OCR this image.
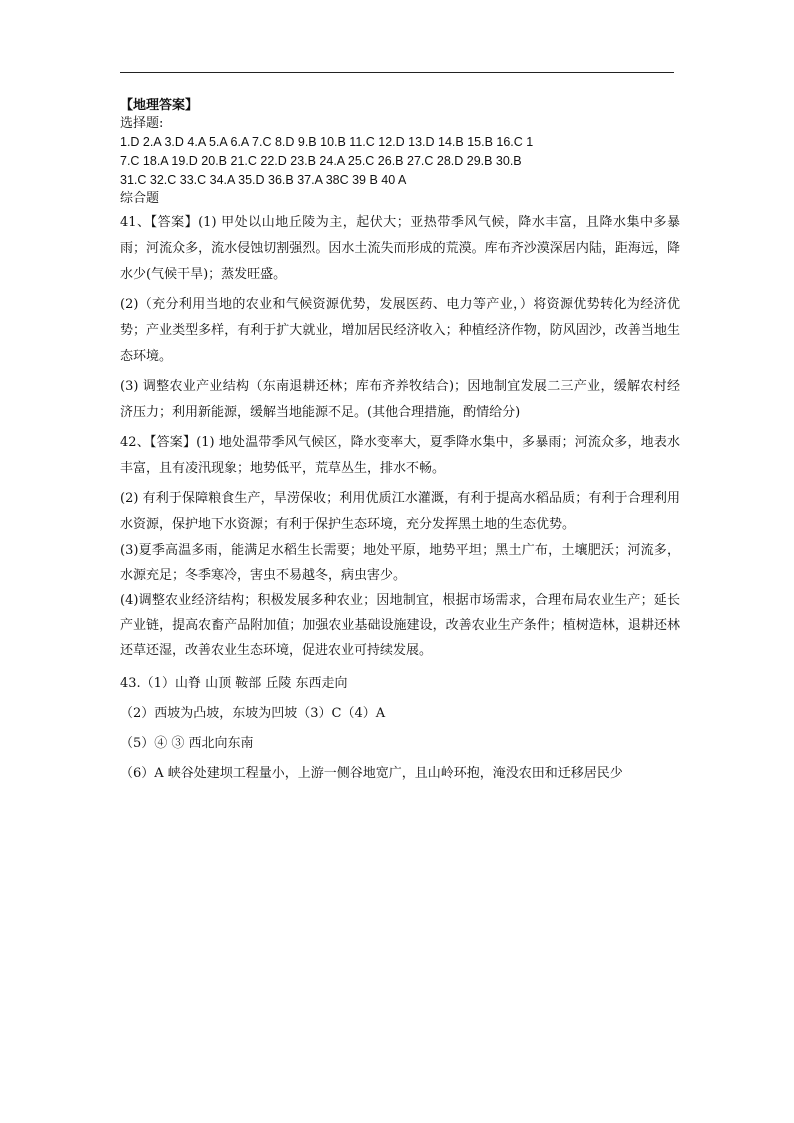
【地理答案】

选择题:

1.D 2.A 3.D 4.A 5.A 6.A 7.C 8.D 9.B 10.B 11.C 12.D 13.D 14.B 15.B 16.C 1

7.C 18.A 19.D 20.B 21.C 22.D 23.B 24.A 25.C 26.B 27.C 28.D 29.B 30.B

31.C 32.C 33.C 34.A 35.D 36.B 37.A 38C 39 B 40 A

综合题

41、【答案】(1) 甲处以山地丘陵为主，起伏大；亚热带季风气候，降水丰富，且降水集中多暴雨；河流众多，流水侵蚀切割强烈。因水土流失而形成的荒漠。库布齐沙漠深居内陆，距海远，降水少(气候干旱)；蒸发旺盛。

(2)（充分利用当地的农业和气候资源优势，发展医药、电力等产业，）将资源优势转化为经济优势；产业类型多样，有利于扩大就业，增加居民经济收入；种植经济作物，防风固沙，改善当地生态环境。

(3) 调整农业产业结构（东南退耕还林；库布齐养牧结合)；因地制宜发展二三产业，缓解农村经济压力；利用新能源，缓解当地能源不足。(其他合理措施，酌情给分)

42、【答案】(1) 地处温带季风气候区，降水变率大，夏季降水集中，多暴雨；河流众多，地表水丰富，且有凌汛现象；地势低平，荒草丛生，排水不畅。

(2) 有利于保障粮食生产，旱涝保收；利用优质江水灌溉，有利于提高水稻品质；有利于合理利用水资源，保护地下水资源；有利于保护生态环境，充分发挥黑土地的生态优势。

(3)夏季高温多雨，能满足水稻生长需要；地处平原，地势平坦；黑土广布，土壤肥沃；河流多，水源充足；冬季寒冷，害虫不易越冬，病虫害少。

(4)调整农业经济结构；积极发展多种农业；因地制宜，根据市场需求，合理布局农业生产；延长产业链，提高农畜产品附加值；加强农业基础设施建设，改善农业生产条件；植树造林，退耕还林还草还湿，改善农业生态环境，促进农业可持续发展。

43.（1）山脊 山顶 鞍部 丘陵 东西走向

（2）西坡为凸坡，东坡为凹坡（3）C（4）A

（5）④ ③ 西北向东南

（6）A 峡谷处建坝工程量小，上游一侧谷地宽广，且山岭环抱，淹没农田和迁移居民少
